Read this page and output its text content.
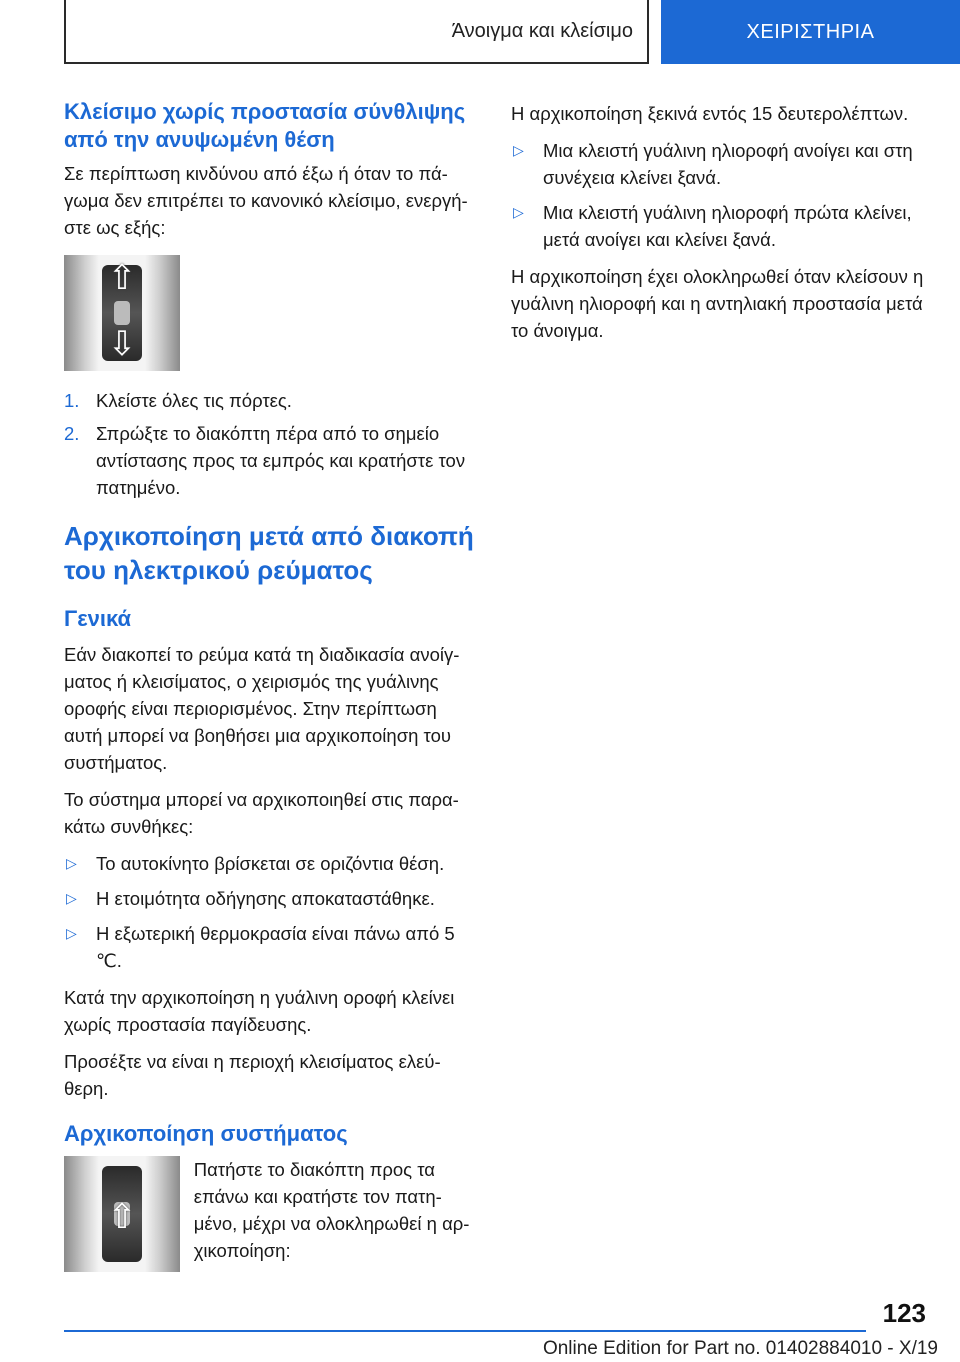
Άνοιγμα και κλείσιμο	ΧΕΙΡΙΣΤΗΡΙΑ
Κλείσιμο χωρίς προστασία σύνθλιψης από την ανυψωμένη θέση

Σε περίπτωση κινδύνου από έξω ή όταν το πά-γωμα δεν επιτρέπει το κανονικό κλείσιμο, ενεργή-στε ως εξής:

⇧
⇩
1. Κλείστε όλες τις πόρτες.
2. Σπρώξτε το διακόπτη πέρα από το σημείο αντίστασης προς τα εμπρός και κρατήστε τον πατημένο.
Αρχικοποίηση μετά από διακοπή του ηλεκτρικού ρεύματος
Γενικά

Εάν διακοπεί το ρεύμα κατά τη διαδικασία ανοίγ-ματος ή κλεισίματος, ο χειρισμός της γυάλινης οροφής είναι περιορισμένος. Στην περίπτωση αυτή μπορεί να βοηθήσει μια αρχικοποίηση του συστήματος.

Το σύστημα μπορεί να αρχικοποιηθεί στις παρα-κάτω συνθήκες:

▷ Το αυτοκίνητο βρίσκεται σε οριζόντια θέση.
▷ Η ετοιμότητα οδήγησης αποκαταστάθηκε.
▷ Η εξωτερική θερμοκρασία είναι πάνω από 5 ℃.

Κατά την αρχικοποίηση η γυάλινη οροφή κλείνει χωρίς προστασία παγίδευσης.

Προσέξτε να είναι η περιοχή κλεισίματος ελεύ-θερη.

Αρχικοποίηση συστήματος
⇧

Πατήστε το διακόπτη προς τα επάνω και κρατήστε τον πατη-μένο, μέχρι να ολοκληρωθεί η αρ-χικοποίηση:

Η αρχικοποίηση ξεκινά εντός 15 δευτερολέπτων.

▷ Μια κλειστή γυάλινη ηλιοροφή ανοίγει και στη συνέχεια κλείνει ξανά.
▷ Μια κλειστή γυάλινη ηλιοροφή πρώτα κλείνει, μετά ανοίγει και κλείνει ξανά.

Η αρχικοποίηση έχει ολοκληρωθεί όταν κλείσουν η γυάλινη ηλιοροφή και η αντηλιακή προστασία μετά το άνοιγμα.

123
Online Edition for Part no. 01402884010 - X/19
